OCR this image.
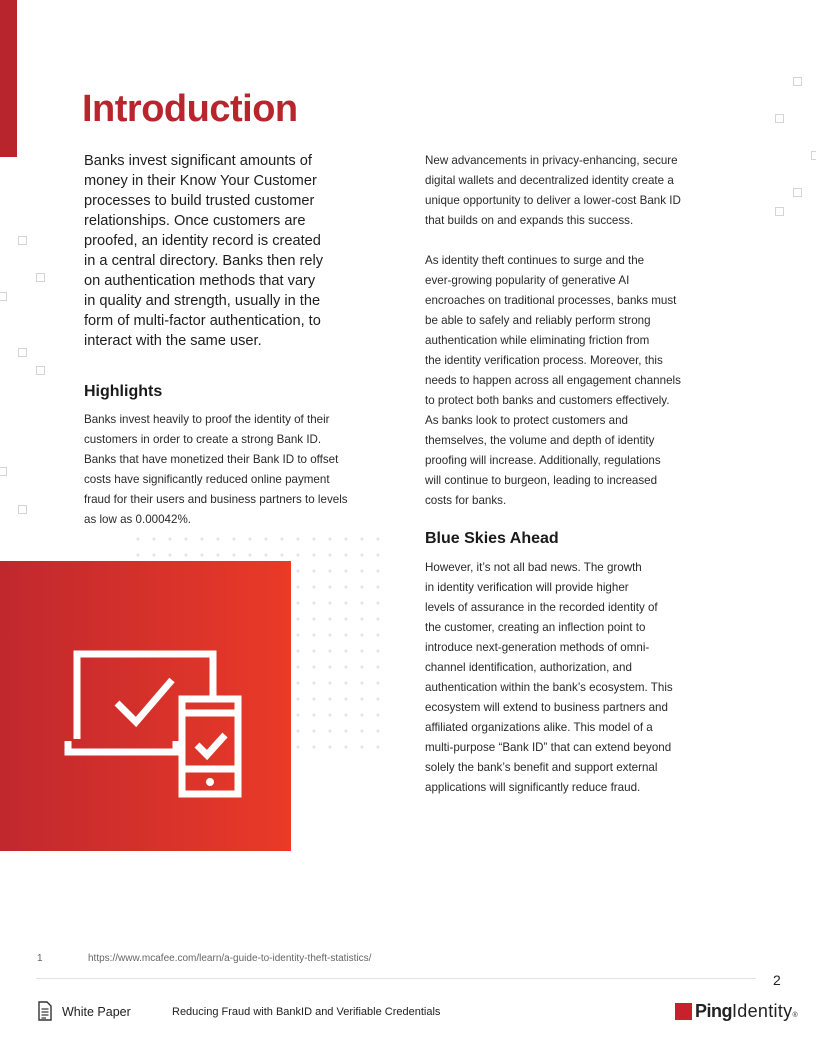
Introduction

Banks invest significant amounts of
money in their Know Your Customer
processes to build trusted customer
relationships. Once customers are
proofed, an identity record is created
in a central directory. Banks then rely
on authentication methods that vary
in quality and strength, usually in the
form of multi-factor authentication, to
interact with the same user.

Highlights

Banks invest heavily to proof the identity of their
customers in order to create a strong Bank ID.
Banks that have monetized their Bank ID to offset
costs have significantly reduced online payment
fraud for their users and business partners to levels
as low as 0.00042%.

New advancements in privacy-enhancing, secure
digital wallets and decentralized identity create a
unique opportunity to deliver a lower-cost Bank ID
that builds on and expands this success.
As identity theft continues to surge and the
ever-growing popularity of generative AI
encroaches on traditional processes, banks must
be able to safely and reliably perform strong
authentication while eliminating friction from
the identity verification process. Moreover, this
needs to happen across all engagement channels
to protect both banks and customers effectively.
As banks look to protect customers and
themselves, the volume and depth of identity
proofing will increase. Additionally, regulations
will continue to burgeon, leading to increased
costs for banks.

Blue Skies Ahead

However, it’s not all bad news. The growth
in identity verification will provide higher
levels of assurance in the recorded identity of
the customer, creating an inflection point to
introduce next-generation methods of omni-
channel identification, authorization, and
authentication within the bank’s ecosystem. This
ecosystem will extend to business partners and
affiliated organizations alike. This model of a
multi-purpose “Bank ID” that can extend beyond
solely the bank’s benefit and support external
applications will significantly reduce fraud.

1	https://www.mcafee.com/learn/a-guide-to-identity-theft-statistics/
2
White Paper	Reducing Fraud with BankID and Verifiable Credentials	Ping Identity ®
